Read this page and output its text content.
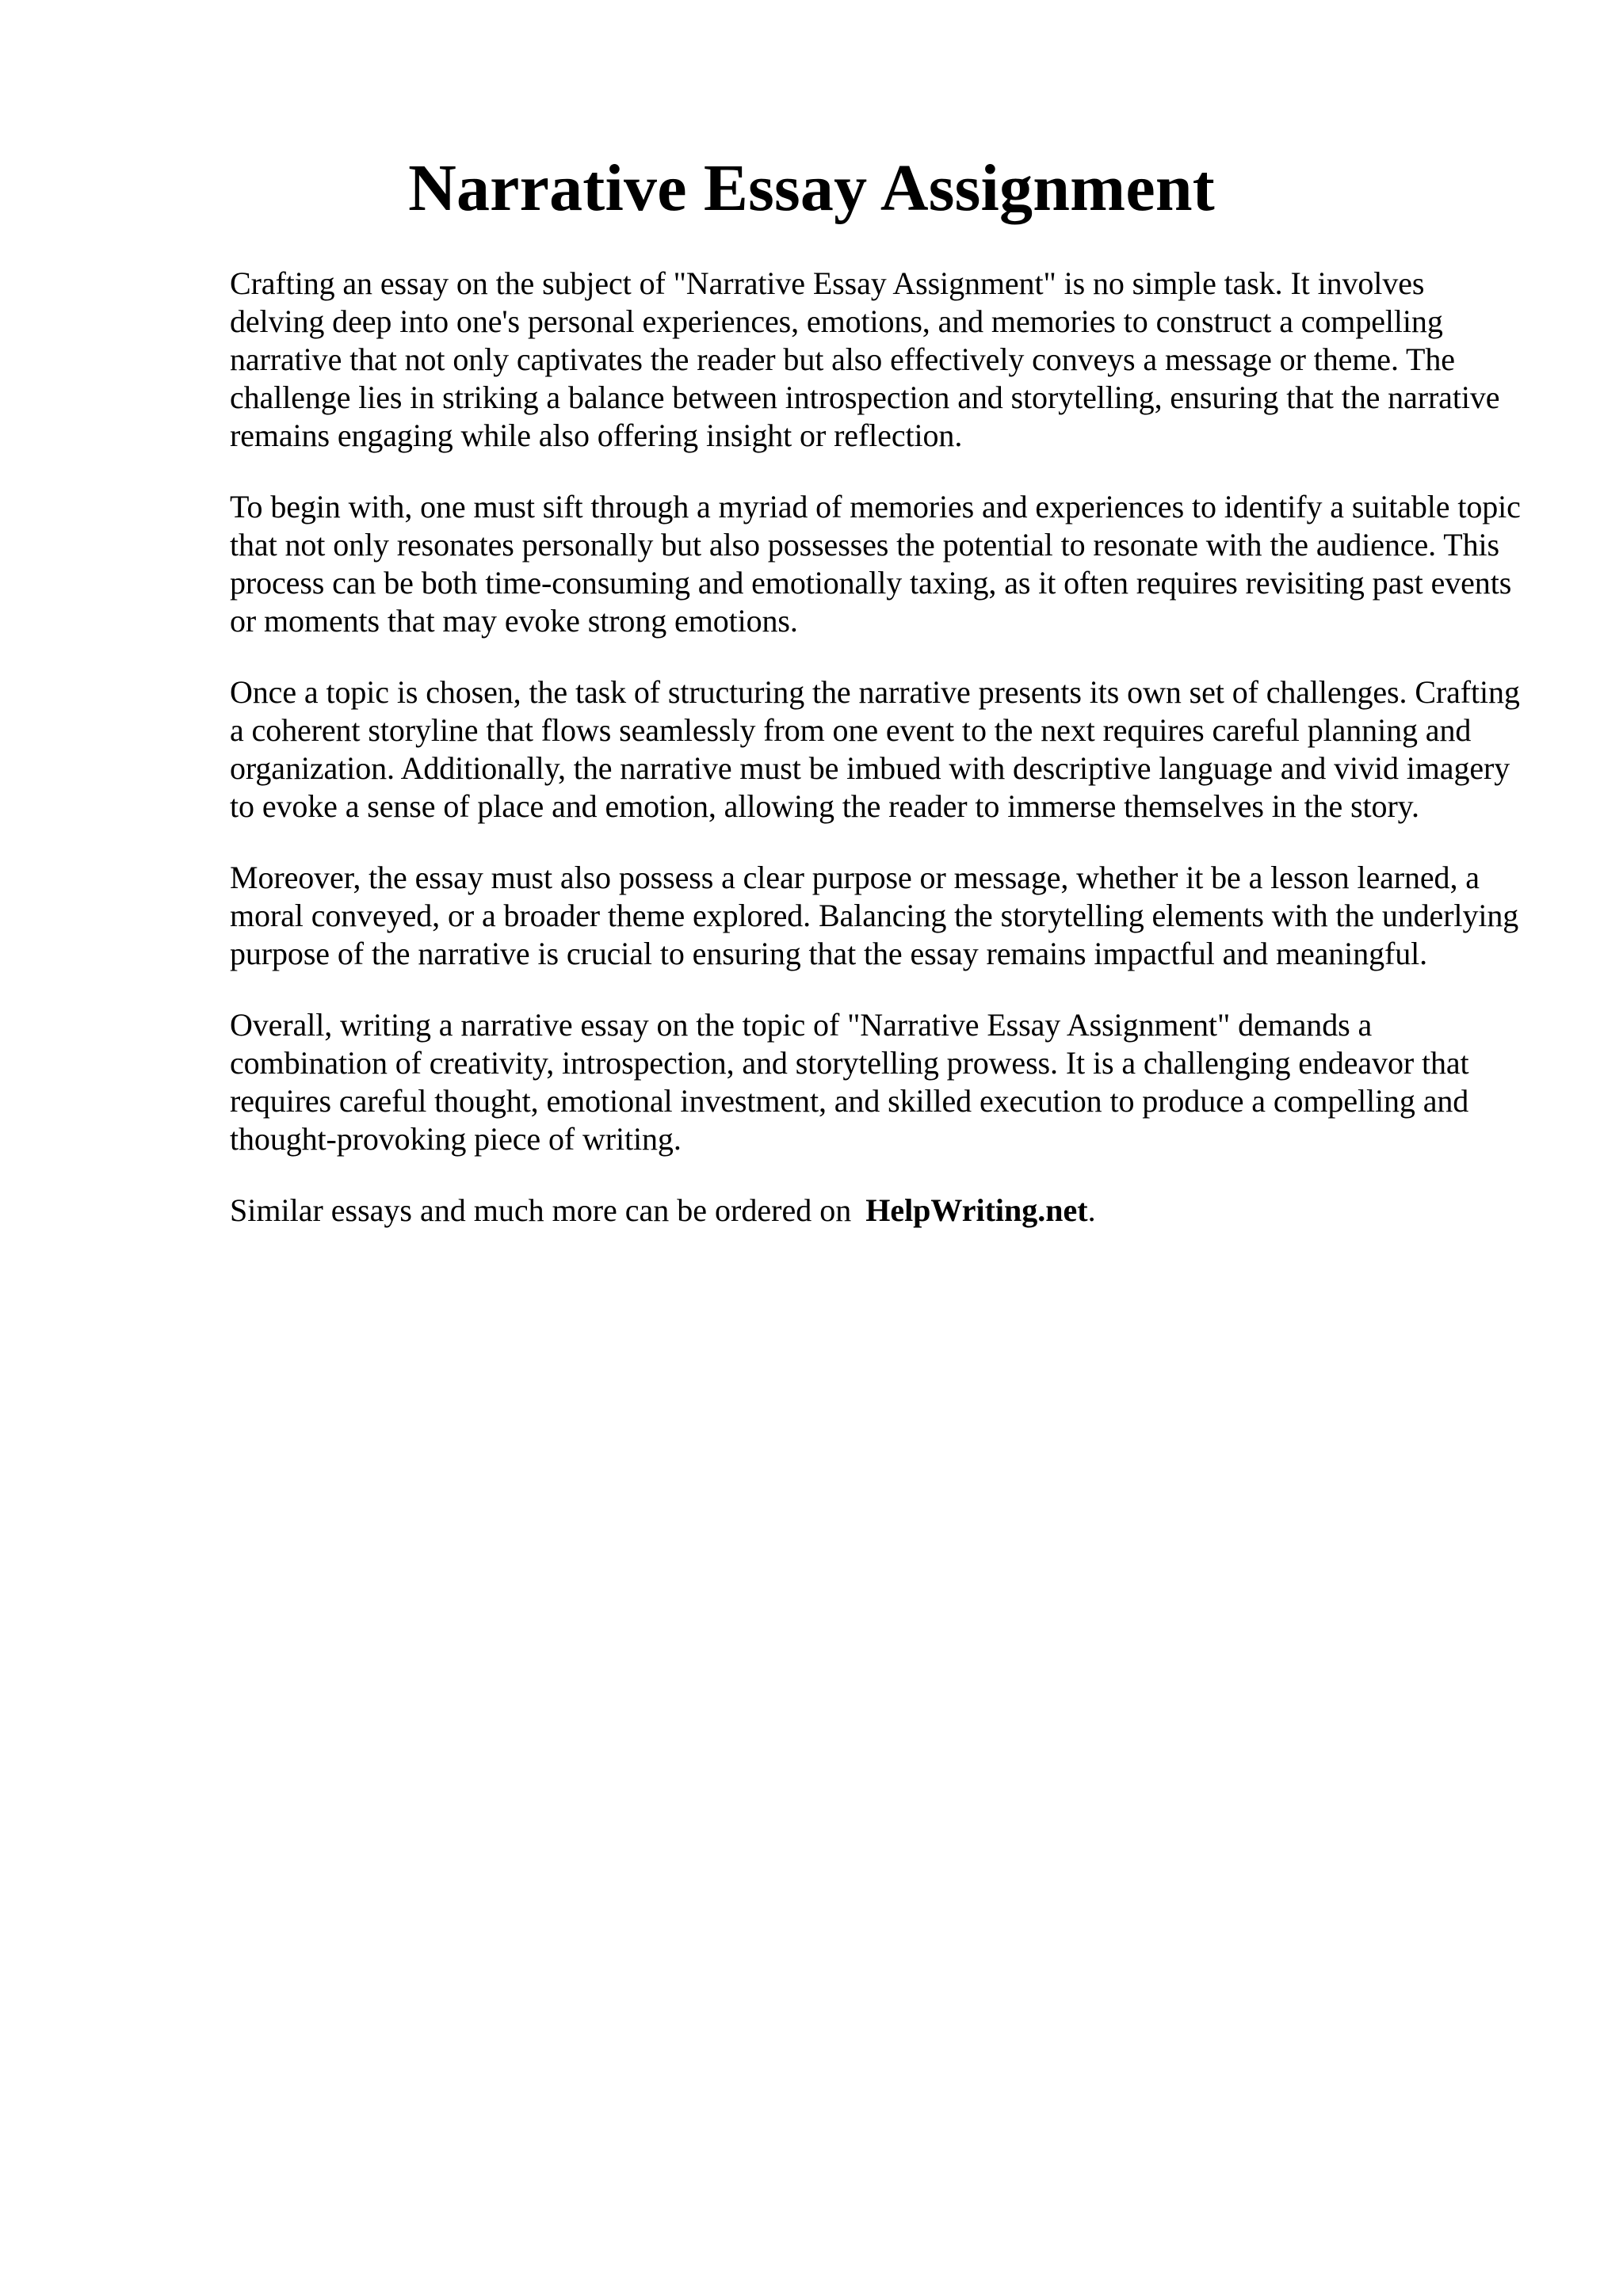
Narrative Essay Assignment

Crafting an essay on the subject of "Narrative Essay Assignment" is no simple task. It involves delving deep into one's personal experiences, emotions, and memories to construct a compelling narrative that not only captivates the reader but also effectively conveys a message or theme. The challenge lies in striking a balance between introspection and storytelling, ensuring that the narrative remains engaging while also offering insight or reflection.

To begin with, one must sift through a myriad of memories and experiences to identify a suitable topic that not only resonates personally but also possesses the potential to resonate with the audience. This process can be both time-consuming and emotionally taxing, as it often requires revisiting past events or moments that may evoke strong emotions.

Once a topic is chosen, the task of structuring the narrative presents its own set of challenges. Crafting a coherent storyline that flows seamlessly from one event to the next requires careful planning and organization. Additionally, the narrative must be imbued with descriptive language and vivid imagery to evoke a sense of place and emotion, allowing the reader to immerse themselves in the story.

Moreover, the essay must also possess a clear purpose or message, whether it be a lesson learned, a moral conveyed, or a broader theme explored. Balancing the storytelling elements with the underlying purpose of the narrative is crucial to ensuring that the essay remains impactful and meaningful.

Overall, writing a narrative essay on the topic of "Narrative Essay Assignment" demands a combination of creativity, introspection, and storytelling prowess. It is a challenging endeavor that requires careful thought, emotional investment, and skilled execution to produce a compelling and thought-provoking piece of writing.

Similar essays and much more can be ordered on HelpWriting.net.
